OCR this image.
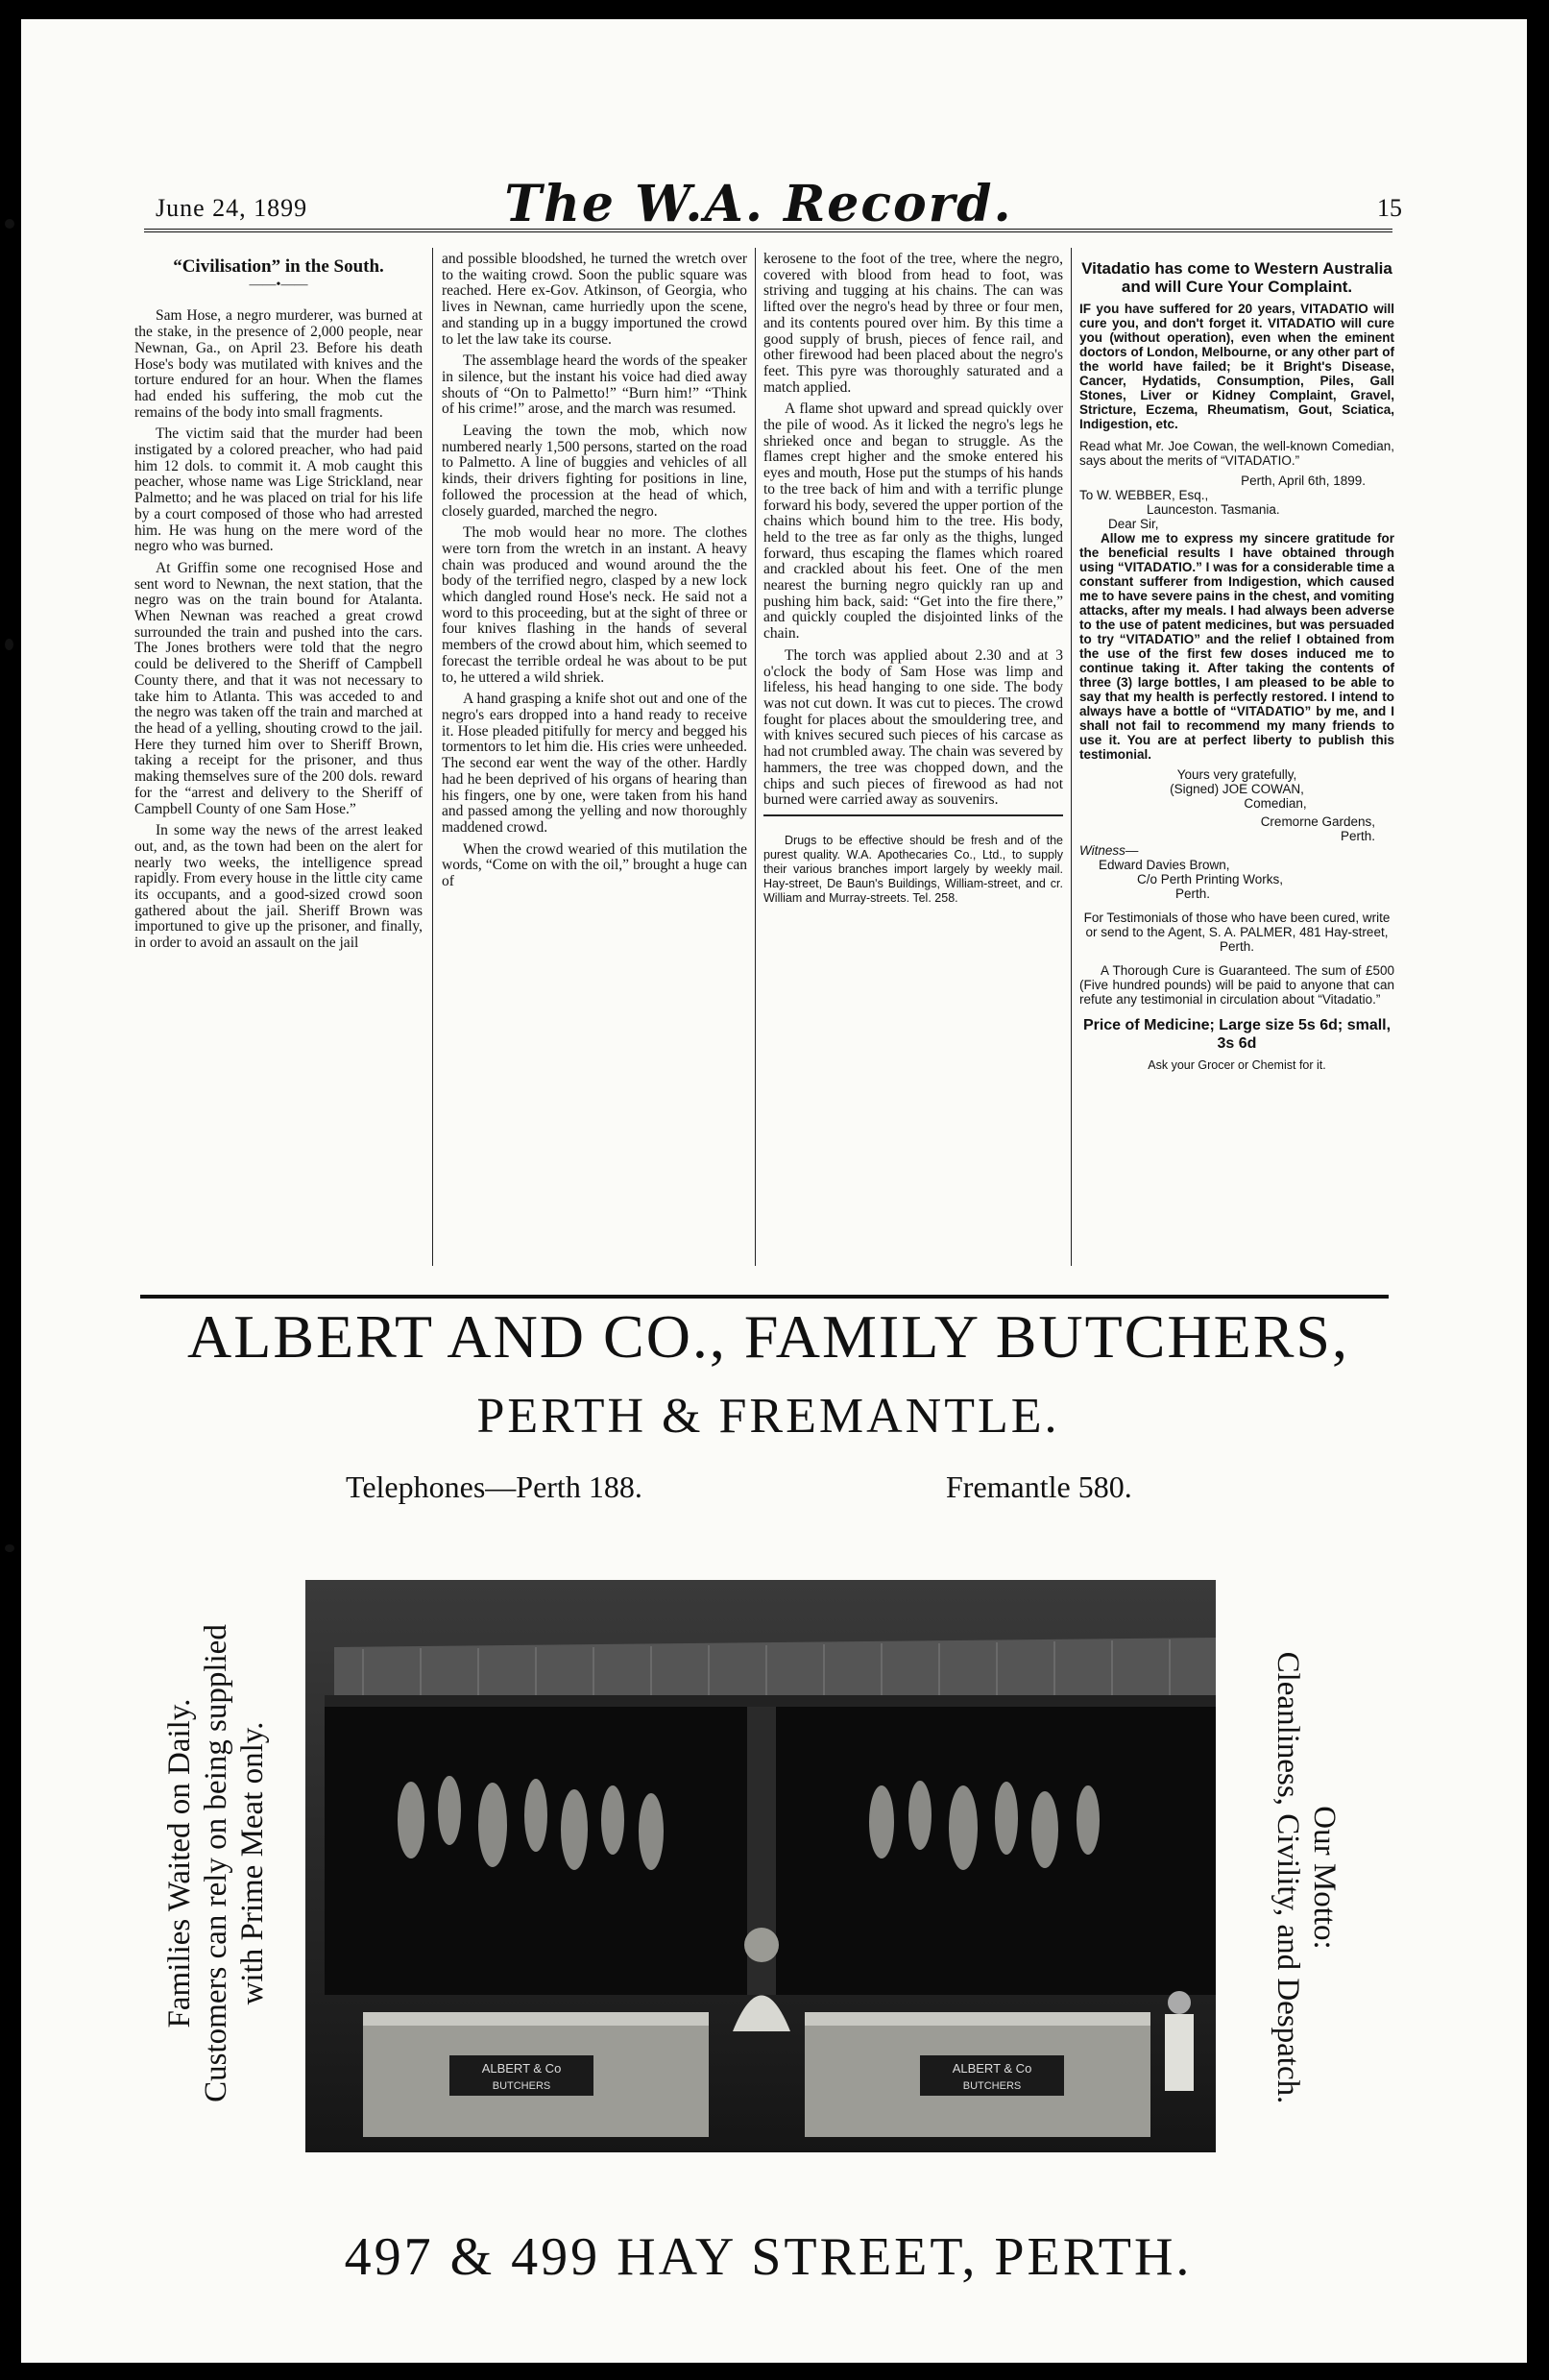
June 24, 1899	The W.A. Record.	15
“Civilisation” in the South.
——•——

Sam Hose, a negro murderer, was burned at the stake, in the presence of 2,000 people, near Newnan, Ga., on April 23. Before his death Hose's body was mutilated with knives and the torture endured for an hour. When the flames had ended his suffering, the mob cut the remains of the body into small fragments.

The victim said that the murder had been instigated by a colored preacher, who had paid him 12 dols. to commit it. A mob caught this peacher, whose name was Lige Strickland, near Palmetto; and he was placed on trial for his life by a court composed of those who had arrested him. He was hung on the mere word of the negro who was burned.

At Griffin some one recognised Hose and sent word to Newnan, the next station, that the negro was on the train bound for Atalanta. When Newnan was reached a great crowd surrounded the train and pushed into the cars. The Jones brothers were told that the negro could be delivered to the Sheriff of Campbell County there, and that it was not necessary to take him to Atlanta. This was acceded to and the negro was taken off the train and marched at the head of a yelling, shouting crowd to the jail. Here they turned him over to Sheriff Brown, taking a receipt for the prisoner, and thus making themselves sure of the 200 dols. reward for the “arrest and delivery to the Sheriff of Campbell County of one Sam Hose.”

In some way the news of the arrest leaked out, and, as the town had been on the alert for nearly two weeks, the intelligence spread rapidly. From every house in the little city came its occupants, and a good-sized crowd soon gathered about the jail. Sheriff Brown was importuned to give up the prisoner, and finally, in order to avoid an assault on the jail

and possible bloodshed, he turned the wretch over to the waiting crowd. Soon the public square was reached. Here ex-Gov. Atkinson, of Georgia, who lives in Newnan, came hurriedly upon the scene, and standing up in a buggy importuned the crowd to let the law take its course.

The assemblage heard the words of the speaker in silence, but the instant his voice had died away shouts of “On to Palmetto!” “Burn him!” “Think of his crime!” arose, and the march was resumed.

Leaving the town the mob, which now numbered nearly 1,500 persons, started on the road to Palmetto. A line of buggies and vehicles of all kinds, their drivers fighting for positions in line, followed the procession at the head of which, closely guarded, marched the negro.

The mob would hear no more. The clothes were torn from the wretch in an instant. A heavy chain was produced and wound around the the body of the terrified negro, clasped by a new lock which dangled round Hose's neck. He said not a word to this proceeding, but at the sight of three or four knives flashing in the hands of several members of the crowd about him, which seemed to forecast the terrible ordeal he was about to be put to, he uttered a wild shriek.

A hand grasping a knife shot out and one of the negro's ears dropped into a hand ready to receive it. Hose pleaded pitifully for mercy and begged his tormentors to let him die. His cries were unheeded. The second ear went the way of the other. Hardly had he been deprived of his organs of hearing than his fingers, one by one, were taken from his hand and passed among the yelling and now thoroughly maddened crowd.

When the crowd wearied of this mutilation the words, “Come on with the oil,” brought a huge can of

kerosene to the foot of the tree, where the negro, covered with blood from head to foot, was striving and tugging at his chains. The can was lifted over the negro's head by three or four men, and its contents poured over him. By this time a good supply of brush, pieces of fence rail, and other firewood had been placed about the negro's feet. This pyre was thoroughly saturated and a match applied.

A flame shot upward and spread quickly over the pile of wood. As it licked the negro's legs he shrieked once and began to struggle. As the flames crept higher and the smoke entered his eyes and mouth, Hose put the stumps of his hands to the tree back of him and with a terrific plunge forward his body, severed the upper portion of the chains which bound him to the tree. His body, held to the tree as far only as the thighs, lunged forward, thus escaping the flames which roared and crackled about his feet. One of the men nearest the burning negro quickly ran up and pushing him back, said: “Get into the fire there,” and quickly coupled the disjointed links of the chain.

The torch was applied about 2.30 and at 3 o'clock the body of Sam Hose was limp and lifeless, his head hanging to one side. The body was not cut down. It was cut to pieces. The crowd fought for places about the smouldering tree, and with knives secured such pieces of his carcase as had not crumbled away. The chain was severed by hammers, the tree was chopped down, and the chips and such pieces of firewood as had not burned were carried away as souvenirs.

Drugs to be effective should be fresh and of the purest quality. W.A. Apothecaries Co., Ltd., to supply their various branches import largely by weekly mail. Hay-street, De Baun's Buildings, William-street, and cr. William and Murray-streets. Tel. 258.

Vitadatio has come to Western Australia and will Cure Your Complaint.

IF you have suffered for 20 years, VITADATIO will cure you, and don't forget it. VITADATIO will cure you (without operation), even when the eminent doctors of London, Melbourne, or any other part of the world have failed; be it Bright's Disease, Cancer, Hydatids, Consumption, Piles, Gall Stones, Liver or Kidney Complaint, Gravel, Stricture, Eczema, Rheumatism, Gout, Sciatica, Indigestion, etc.

Read what Mr. Joe Cowan, the well-known Comedian, says about the merits of “VITADATIO.”

Perth, April 6th, 1899.
To W. WEBBER, Esq.,
Launceston. Tasmania.
Dear Sir,

Allow me to express my sincere gratitude for the beneficial results I have obtained through using “VITADATIO.” I was for a considerable time a constant sufferer from Indigestion, which caused me to have severe pains in the chest, and vomiting attacks, after my meals. I had always been adverse to the use of patent medicines, but was persuaded to try “VITADATIO” and the relief I obtained from the use of the first few doses induced me to continue taking it. After taking the contents of three (3) large bottles, I am pleased to be able to say that my health is perfectly restored. I intend to always have a bottle of “VITADATIO” by me, and I shall not fail to recommend my many friends to use it. You are at perfect liberty to publish this testimonial.

Yours very gratefully,
(Signed) JOE COWAN,
Comedian,
Cremorne Gardens,
Perth.
Witness—
Edward Davies Brown,
C/o Perth Printing Works,
Perth.

For Testimonials of those who have been cured, write or send to the Agent, S. A. PALMER, 481 Hay-street, Perth.

A Thorough Cure is Guaranteed. The sum of £500 (Five hundred pounds) will be paid to anyone that can refute any testimonial in circulation about “Vitadatio.”

Price of Medicine; Large size 5s 6d; small, 3s 6d
Ask your Grocer or Chemist for it.
ALBERT AND CO., FAMILY BUTCHERS,
PERTH & FREMANTLE.
Telephones—Perth 188.	Fremantle 580.
Families Waited on Daily. Customers can rely on being supplied with Prime Meat only.	Our Motto:
Cleanliness, Civility, and Despatch.
ALBERT & Co
BUTCHERS
ALBERT & Co
BUTCHERS
497 & 499 HAY STREET, PERTH.
